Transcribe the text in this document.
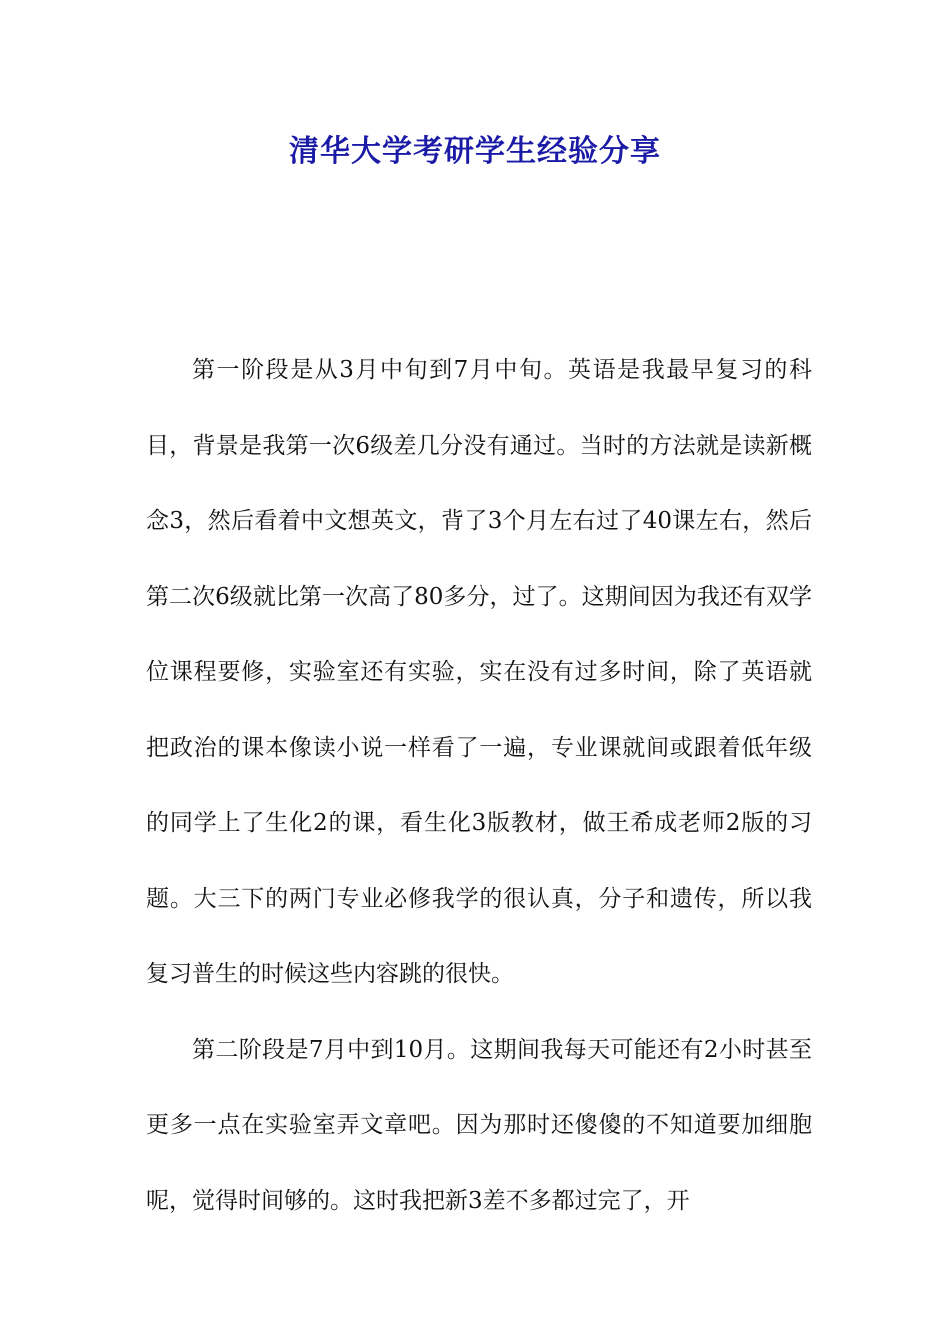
清华大学考研学生经验分享

第一阶段是从3月中旬到7月中旬。英语是我最早复习的科目，背景是我第一次6级差几分没有通过。当时的方法就是读新概念3，然后看着中文想英文，背了3个月左右过了40课左右，然后第二次6级就比第一次高了80多分，过了。这期间因为我还有双学位课程要修，实验室还有实验，实在没有过多时间，除了英语就把政治的课本像读小说一样看了一遍，专业课就间或跟着低年级的同学上了生化2的课，看生化3版教材，做王希成老师2版的习题。大三下的两门专业必修我学的很认真，分子和遗传，所以我复习普生的时候这些内容跳的很快。

第二阶段是7月中到10月。这期间我每天可能还有2小时甚至更多一点在实验室弄文章吧。因为那时还傻傻的不知道要加细胞呢，觉得时间够的。这时我把新3差不多都过完了，开
